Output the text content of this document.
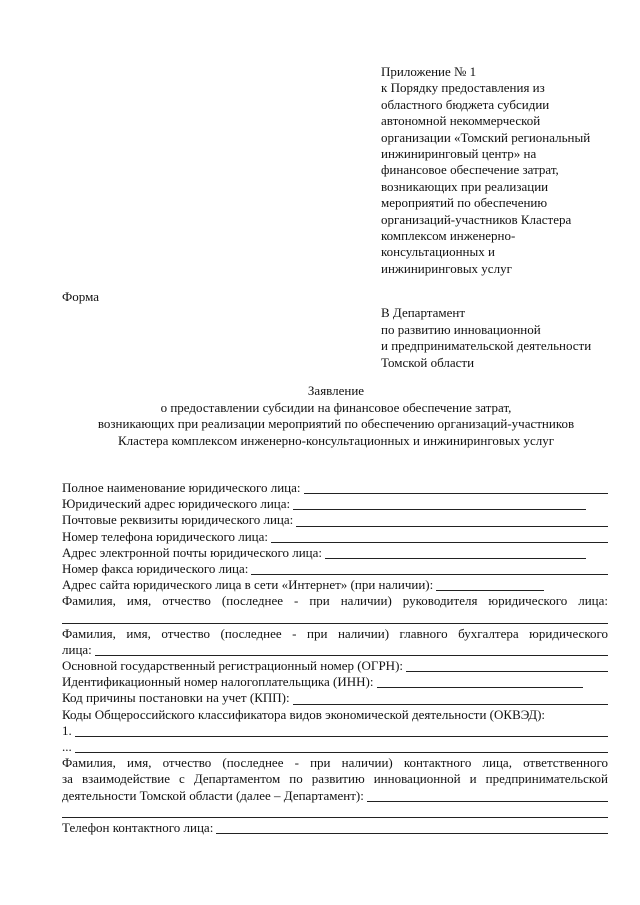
Приложение № 1
к Порядку предоставления из
областного бюджета субсидии
автономной некоммерческой
организации «Томский региональный
инжиниринговый центр» на
финансовое обеспечение затрат,
возникающих при реализации
мероприятий по обеспечению
организаций-участников Кластера
комплексом инженерно-
консультационных и
инжиниринговых услуг
Форма
В Департамент
по развитию инновационной
и предпринимательской деятельности
Томской области
Заявление
о предоставлении субсидии на финансовое обеспечение затрат,
возникающих при реализации мероприятий по обеспечению организаций-участников
Кластера комплексом инженерно-консультационных и инжиниринговых услуг
Полное наименование юридического лица:
Юридический адрес юридического лица:
Почтовые реквизиты юридического лица:
Номер телефона юридического лица:
Адрес электронной почты юридического лица:
Номер факса юридического лица:
Адрес сайта юридического лица в сети «Интернет» (при наличии):
Фамилия, имя, отчество (последнее - при наличии) руководителя юридического лица:
Фамилия, имя, отчество (последнее - при наличии) главного бухгалтера юридического
лица:
Основной государственный регистрационный номер (ОГРН):
Идентификационный номер налогоплательщика (ИНН):
Код причины постановки на учет (КПП):
Коды Общероссийского классификатора видов экономической деятельности (ОКВЭД):
1.
...
Фамилия, имя, отчество (последнее - при наличии) контактного лица, ответственного
за взаимодействие с Департаментом по развитию инновационной и предпринимательской
деятельности Томской области (далее – Департамент):
Телефон контактного лица:
